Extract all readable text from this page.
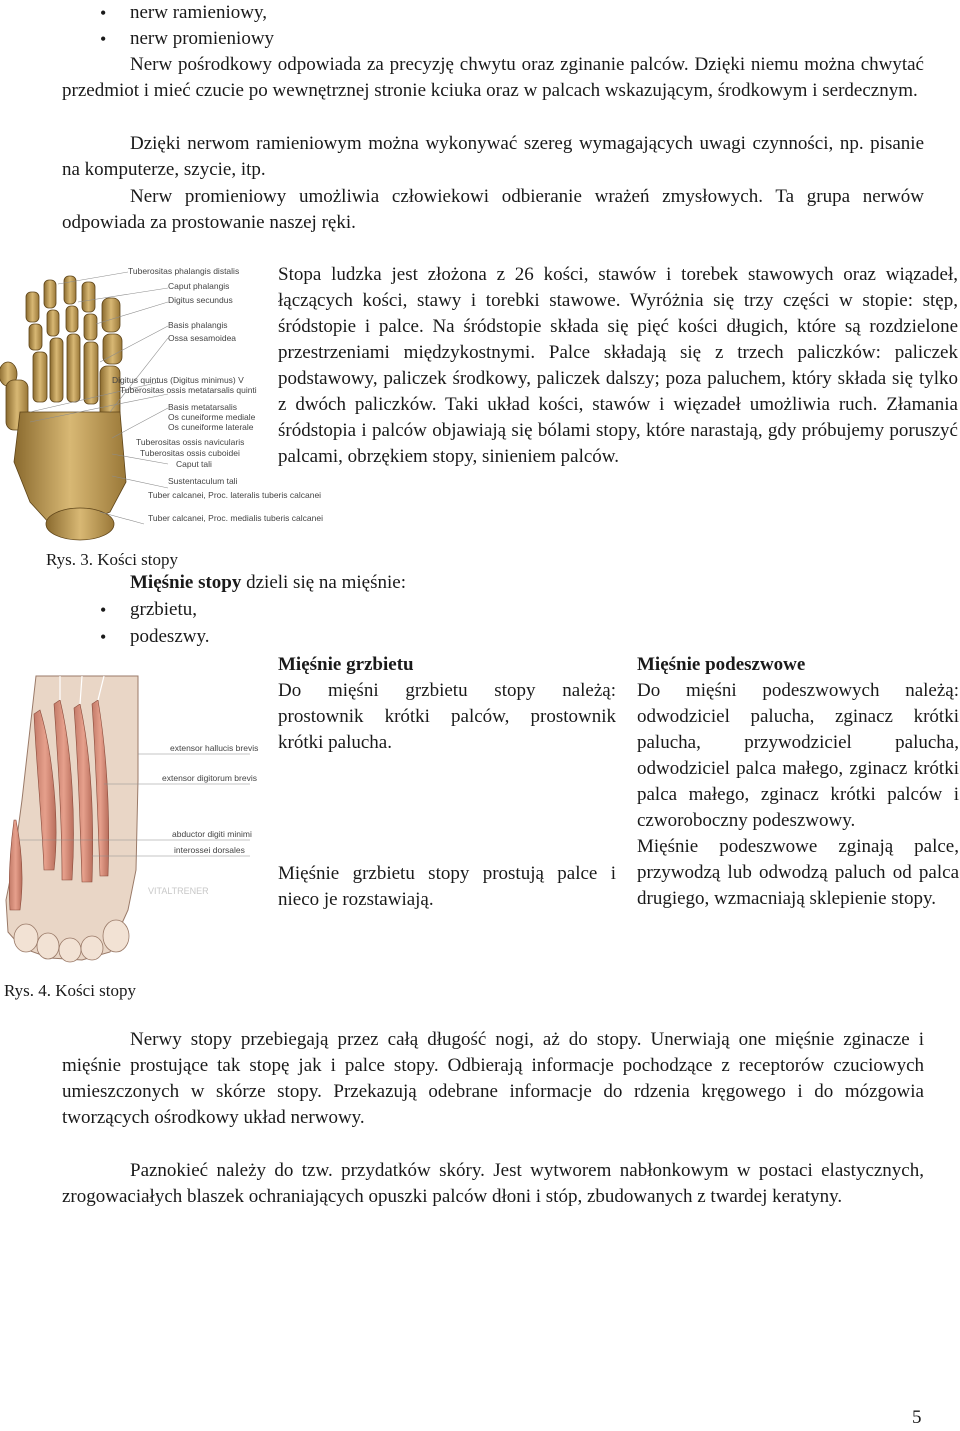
• nerw ramieniowy,
• nerw promieniowy
Nerw pośrodkowy odpowiada za precyzję chwytu oraz zginanie palców. Dzięki niemu można chwytać przedmiot i mieć czucie po wewnętrznej stronie kciuka oraz w palcach wskazującym, środkowym i serdecznym.
Dzięki nerwom ramieniowym można wykonywać szereg wymagających uwagi czynności, np. pisanie na komputerze, szycie, itp.
Nerw promieniowy umożliwia człowiekowi odbieranie wrażeń zmysłowych. Ta grupa nerwów odpowiada za prostowanie naszej ręki.
Tuberositas phalangis distalis
Caput phalangis
Digitus secundus
Basis phalangis
Ossa sesamoidea
Digitus quintus (Digitus minimus) V
Tuberositas ossis metatarsalis quinti
Basis metatarsalis
Os cuneiforme mediale
Os cuneiforme laterale
Tuberositas ossis navicularis
Tuberositas ossis cuboidei
Caput tali
Sustentaculum tali
Tuber calcanei, Proc. lateralis tuberis calcanei
Tuber calcanei, Proc. medialis tuberis calcanei
Stopa ludzka jest złożona z 26 kości, stawów i torebek stawowych oraz wiązadeł, łączących kości, stawy i torebki stawowe. Wyróżnia się trzy części w stopie: stęp, śródstopie i palce. Na śródstopie składa się pięć kości długich, które są rozdzielone przestrzeniami międzykostnymi. Palce składają się z trzech paliczków: paliczek podstawowy, paliczek środkowy, paliczek dalszy; poza paluchem, który składa się tylko z dwóch paliczków. Taki układ kości, stawów i więzadeł umożliwia ruch. Złamania śródstopia i palców objawiają się bólami stopy, które narastają, gdy próbujemy poruszyć palcami, obrzękiem stopy, sinieniem palców.
Rys. 3. Kości stopy
Mięśnie stopy dzieli się na mięśnie:
• grzbietu,
• podeszwy.
VITALTRENER
extensor hallucis brevis
extensor digitorum brevis
abductor digiti minimi
interossei dorsales
Mięśnie grzbietu
Do mięśni grzbietu stopy należą: prostownik krótki palców, prostownik krótki palucha.
Mięśnie grzbietu stopy prostują palce i nieco je rozstawiają.
Mięśnie podeszwowe
Do mięśni podeszwowych należą: odwodziciel palucha, zginacz krótki palucha, przywodziciel palucha, odwodziciel palca małego, zginacz krótki palca małego, zginacz krótki palców i czworoboczny podeszwowy.
Mięśnie podeszwowe zginają palce, przywodzą lub odwodzą paluch od palca drugiego, wzmacniają sklepienie stopy.
Rys. 4. Kości stopy
Nerwy stopy przebiegają przez całą długość nogi, aż do stopy. Unerwiają one mięśnie zginacze i mięśnie prostujące tak stopę jak i palce stopy. Odbierają informacje pochodzące z receptorów czuciowych umieszczonych w skórze stopy. Przekazują odebrane informacje do rdzenia kręgowego i do mózgowia tworzących ośrodkowy układ nerwowy.
Paznokieć należy do tzw. przydatków skóry. Jest wytworem nabłonkowym w postaci elastycznych, zrogowaciałych blaszek ochraniających opuszki palców dłoni i stóp, zbudowanych z twardej keratyny.
5
